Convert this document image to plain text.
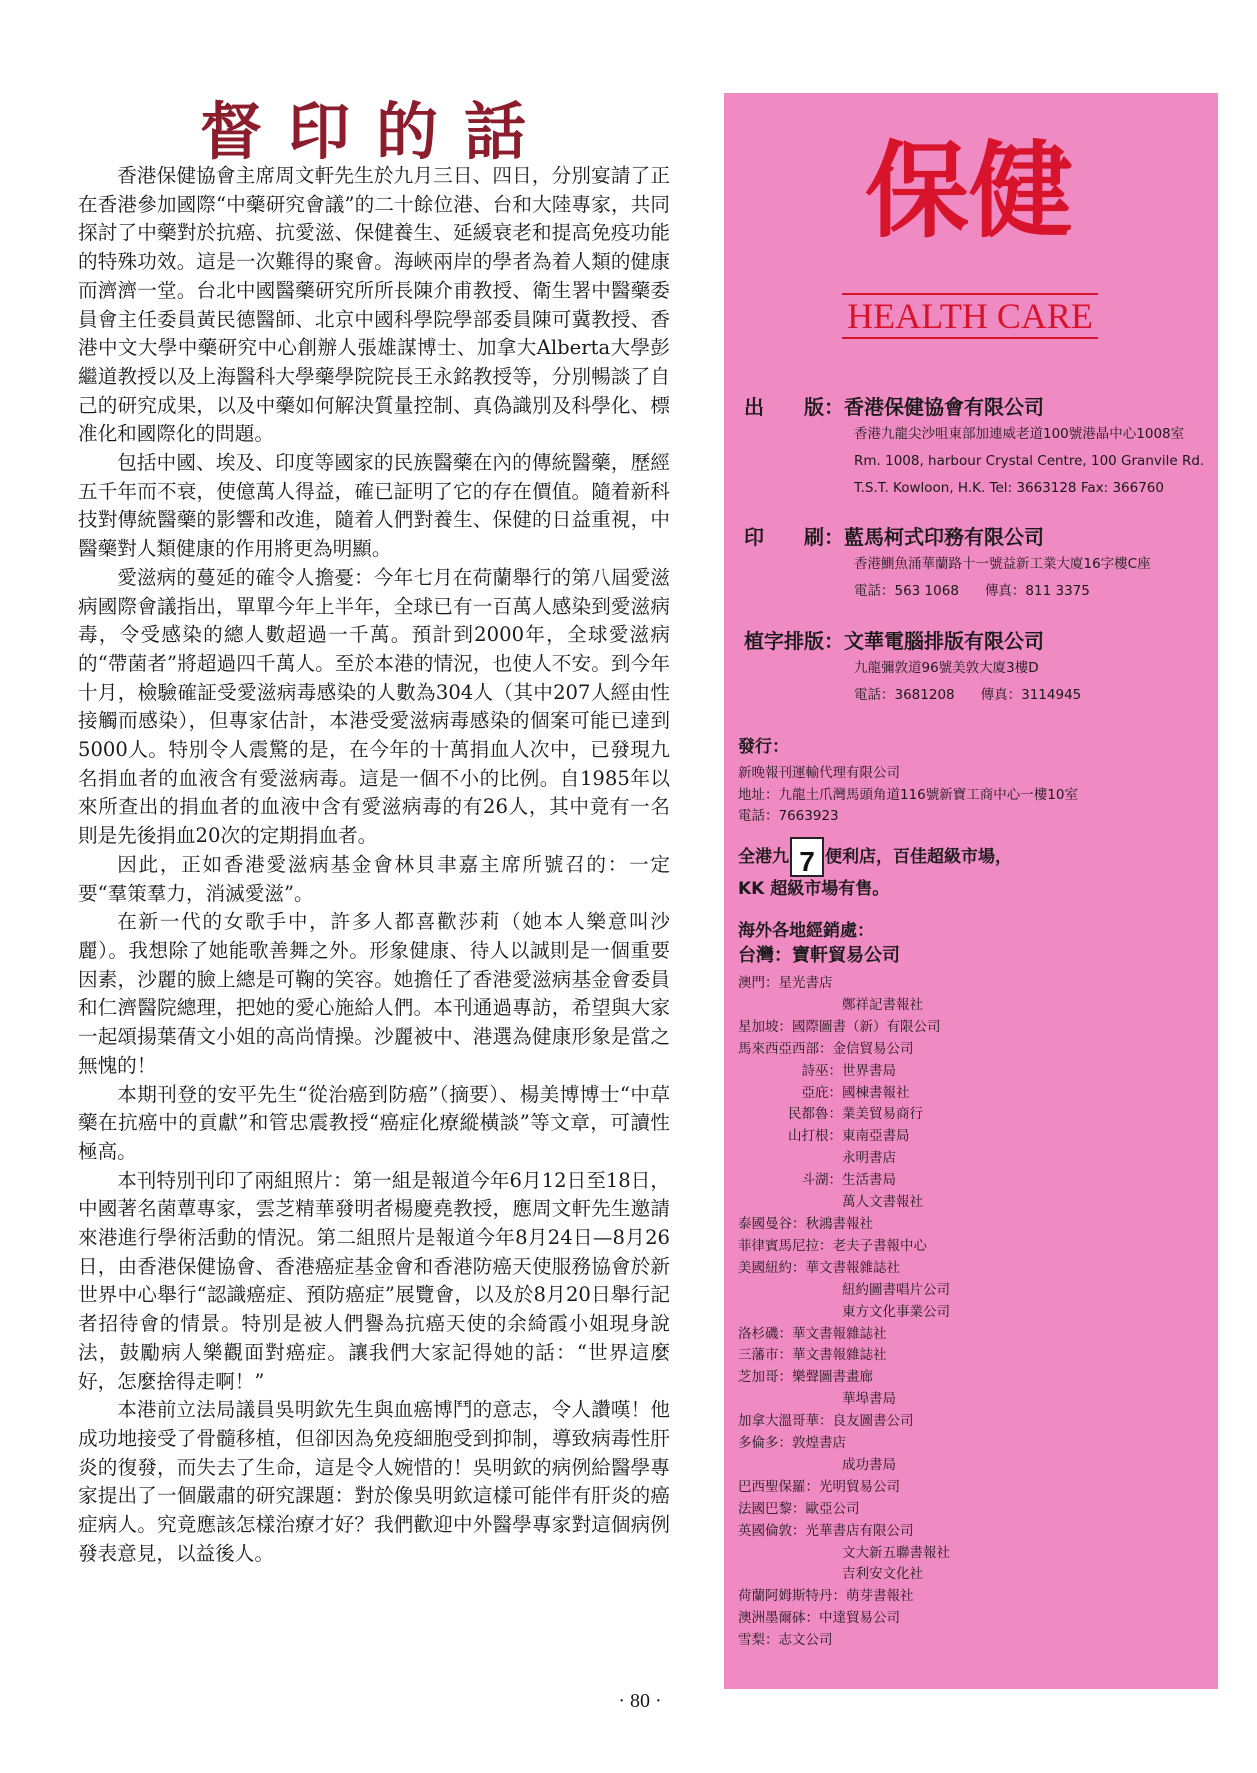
督印的話

香港保健協會主席周文軒先生於九月三日、四日，分別宴請了正在香港參加國際“中藥研究會議”的二十餘位港、台和大陸專家，共同探討了中藥對於抗癌、抗愛滋、保健養生、延緩衰老和提高免疫功能的特殊功效。這是一次難得的聚會。海峽兩岸的學者為着人類的健康而濟濟一堂。台北中國醫藥研究所所長陳介甫教授、衛生署中醫藥委員會主任委員黃民德醫師、北京中國科學院學部委員陳可冀教授、香港中文大學中藥研究中心創辦人張雄謀博士、加拿大Alberta大學彭繼道教授以及上海醫科大學藥學院院長王永銘教授等，分別暢談了自己的研究成果，以及中藥如何解決質量控制、真偽識別及科學化、標准化和國際化的問題。

包括中國、埃及、印度等國家的民族醫藥在內的傳統醫藥，歷經五千年而不衰，使億萬人得益，確已証明了它的存在價值。隨着新科技對傳統醫藥的影響和改進，隨着人們對養生、保健的日益重視，中醫藥對人類健康的作用將更為明顯。

愛滋病的蔓延的確令人擔憂：今年七月在荷蘭舉行的第八屆愛滋病國際會議指出，單單今年上半年，全球已有一百萬人感染到愛滋病毒，令受感染的總人數超過一千萬。預計到2000年，全球愛滋病的“帶菌者”將超過四千萬人。至於本港的情況，也使人不安。到今年十月，檢驗確証受愛滋病毒感染的人數為304人（其中207人經由性接觸而感染），但專家估計，本港受愛滋病毒感染的個案可能已達到5000人。特別令人震驚的是，在今年的十萬捐血人次中，已發現九名捐血者的血液含有愛滋病毒。這是一個不小的比例。自1985年以來所查出的捐血者的血液中含有愛滋病毒的有26人，其中竟有一名則是先後捐血20次的定期捐血者。

因此，正如香港愛滋病基金會林貝聿嘉主席所號召的：一定要“羣策羣力，消滅愛滋”。

在新一代的女歌手中，許多人都喜歡莎莉（她本人樂意叫沙麗）。我想除了她能歌善舞之外。形象健康、待人以誠則是一個重要因素，沙麗的臉上總是可鞠的笑容。她擔任了香港愛滋病基金會委員和仁濟醫院總理，把她的愛心施給人們。本刊通過專訪，希望與大家一起頌揚葉蒨文小姐的高尚情操。沙麗被中、港選為健康形象是當之無愧的！

本期刊登的安平先生“從治癌到防癌”（摘要）、楊美博博士“中草藥在抗癌中的貢獻”和管忠震教授“癌症化療縱橫談”等文章，可讀性極高。

本刊特別刊印了兩組照片：第一組是報道今年6月12日至18日，中國著名菌蕈專家，雲芝精華發明者楊慶堯教授，應周文軒先生邀請來港進行學術活動的情況。第二組照片是報道今年8月24日—8月26日，由香港保健協會、香港癌症基金會和香港防癌天使服務協會於新世界中心舉行“認識癌症、預防癌症”展覽會，以及於8月20日舉行記者招待會的情景。特別是被人們譽為抗癌天使的余綺霞小姐現身說法，鼓勵病人樂觀面對癌症。讓我們大家記得她的話：“世界這麼好，怎麼捨得走啊！”

本港前立法局議員吳明欽先生與血癌博鬥的意志，令人讚嘆！他成功地接受了骨髓移植，但卻因為免疫細胞受到抑制，導致病毒性肝炎的復發，而失去了生命，這是令人婉惜的！吳明欽的病例給醫學專家提出了一個嚴肅的研究課題：對於像吳明欽這樣可能伴有肝炎的癌症病人。究竟應該怎樣治療才好？我們歡迎中外醫學專家對這個病例發表意見，以益後人。

· 80 ·
保健
HEALTH CARE
出　　版：香港保健協會有限公司
香港九龍尖沙咀東部加連威老道100號港晶中心1008室
Rm. 1008, harbour Crystal Centre, 100 Granvile Rd.
T.S.T. Kowloon, H.K. Tel: 3663128 Fax: 366760
印　　刷：藍馬柯式印務有限公司
香港鰂魚涌華蘭路十一號益新工業大廈16字樓C座
電話：563 1068 傳真：811 3375
植字排版：文華電腦排版有限公司
九龍彌敦道96號美敦大廈3樓D
電話：3681208 傳真：3114945
發行：
新晚報刊運輸代理有限公司
地址：九龍土爪灣馬頭角道116號新寶工商中心一樓10室
電話：7663923
全港九 7 便利店，百佳超級市場，
KK 超級市場有售。
海外各地經銷處：
台灣：寶軒貿易公司
澳門：星光書店
鄭祥記書報社
星加坡：國際圖書（新）有限公司
馬來西亞西部：金信貿易公司
詩巫：世界書局
亞庇：國棟書報社
民都魯：業美貿易商行
山打根：東南亞書局
永明書店
斗湖：生活書局
萬人文書報社
泰國曼谷：秋鴻書報社
菲律賓馬尼拉：老夫子書報中心
美國紐約：華文書報雜誌社
紐約圖書唱片公司
東方文化事業公司
洛杉磯：華文書報雜誌社
三藩市：華文書報雜誌社
芝加哥：樂聲圖書畫廊
華埠書局
加拿大溫哥華：良友圖書公司
多倫多：敦煌書店
成功書局
巴西聖保羅：光明貿易公司
法國巴黎：歐亞公司
英國倫敦：光華書店有限公司
文大新五聯書報社
吉利安文化社
荷蘭阿姆斯特丹：萌芽書報社
澳洲墨爾砵：中達貿易公司
雪梨：志文公司
